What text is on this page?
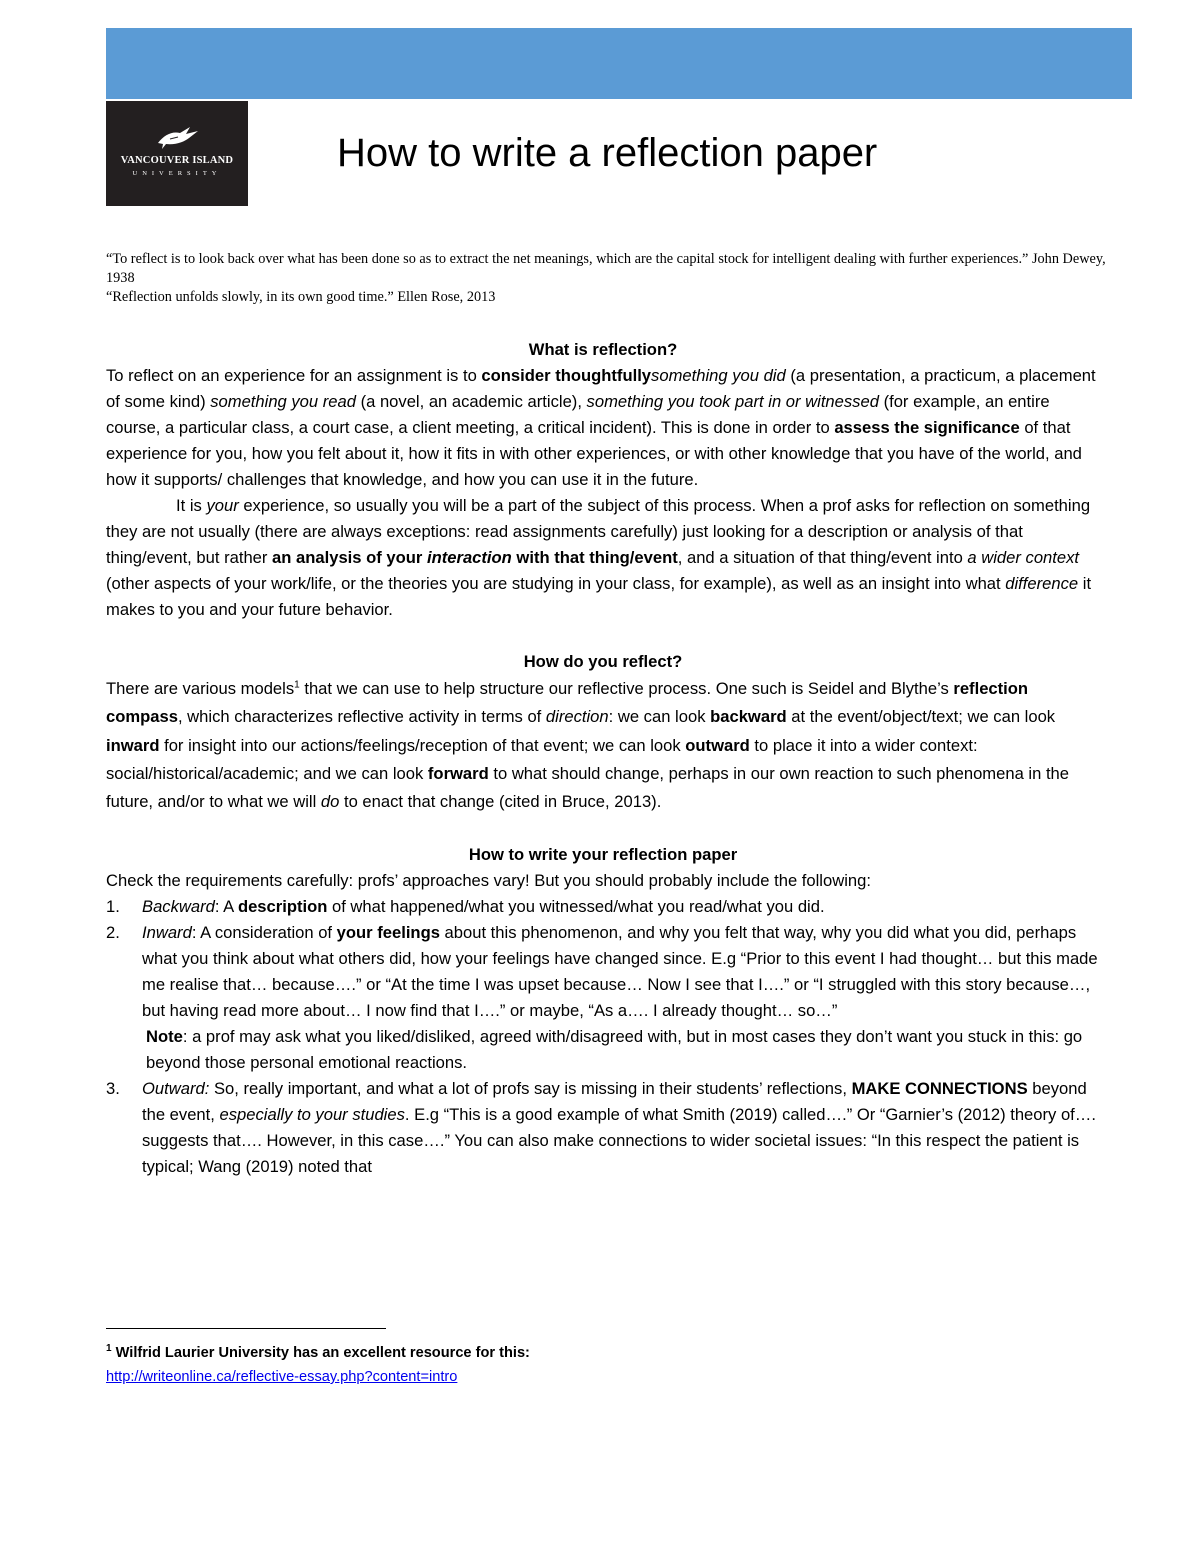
VANCOUVER ISLAND
UNIVERSITY	How to write a reflection paper

“To reflect is to look back over what has been done so as to extract the net meanings, which are the capital stock for intelligent dealing with further experiences.” John Dewey, 1938

“Reflection unfolds slowly, in its own good time.” Ellen Rose, 2013

What is reflection?

To reflect on an experience for an assignment is to consider thoughtfullysomething you did (a presentation, a practicum, a placement of some kind) something you read (a novel, an academic article), something you took part in or witnessed (for example, an entire course, a particular class, a court case, a client meeting, a critical incident). This is done in order to assess the significance of that experience for you, how you felt about it, how it fits in with other experiences, or with other knowledge that you have of the world, and how it supports/ challenges that knowledge, and how you can use it in the future.

It is your experience, so usually you will be a part of the subject of this process. When a prof asks for reflection on something they are not usually (there are always exceptions: read assignments carefully) just looking for a description or analysis of that thing/event, but rather an analysis of your interaction with that thing/event, and a situation of that thing/event into a wider context (other aspects of your work/life, or the theories you are studying in your class, for example), as well as an insight into what difference it makes to you and your future behavior.

How do you reflect?

There are various models$^1$ that we can use to help structure our reflective process. One such is Seidel and Blythe’s reflection compass, which characterizes reflective activity in terms of direction: we can look backward at the event/object/text; we can look inward for insight into our actions/feelings/reception of that event; we can look outward to place it into a wider context: social/historical/academic; and we can look forward to what should change, perhaps in our own reaction to such phenomena in the future, and/or to what we will do to enact that change (cited in Bruce, 2013).

How to write your reflection paper

Check the requirements carefully: profs’ approaches vary! But you should probably include the following:

1. Backward: A description of what happened/what you witnessed/what you read/what you did.
2. Inward: A consideration of your feelings about this phenomenon, and why you felt that way, why you did what you did, perhaps what you think about what others did, how your feelings have changed since. E.g “Prior to this event I had thought… but this made me realise that… because….” or “At the time I was upset because… Now I see that I….” or “I struggled with this story because…, but having read more about… I now find that I….” or maybe, “As a…. I already thought… so…”
Note: a prof may ask what you liked/disliked, agreed with/disagreed with, but in most cases they don’t want you stuck in this: go beyond those personal emotional reactions.
3. Outward: So, really important, and what a lot of profs say is missing in their students’ reflections, MAKE CONNECTIONS beyond the event, especially to your studies. E.g “This is a good example of what Smith (2019) called….” Or “Garnier’s (2012) theory of…. suggests that…. However, in this case….” You can also make connections to wider societal issues: “In this respect the patient is typical; Wang (2019) noted that

$^1$ Wilfrid Laurier University has an excellent resource for this:

http://writeonline.ca/reflective-essay.php?content=intro
